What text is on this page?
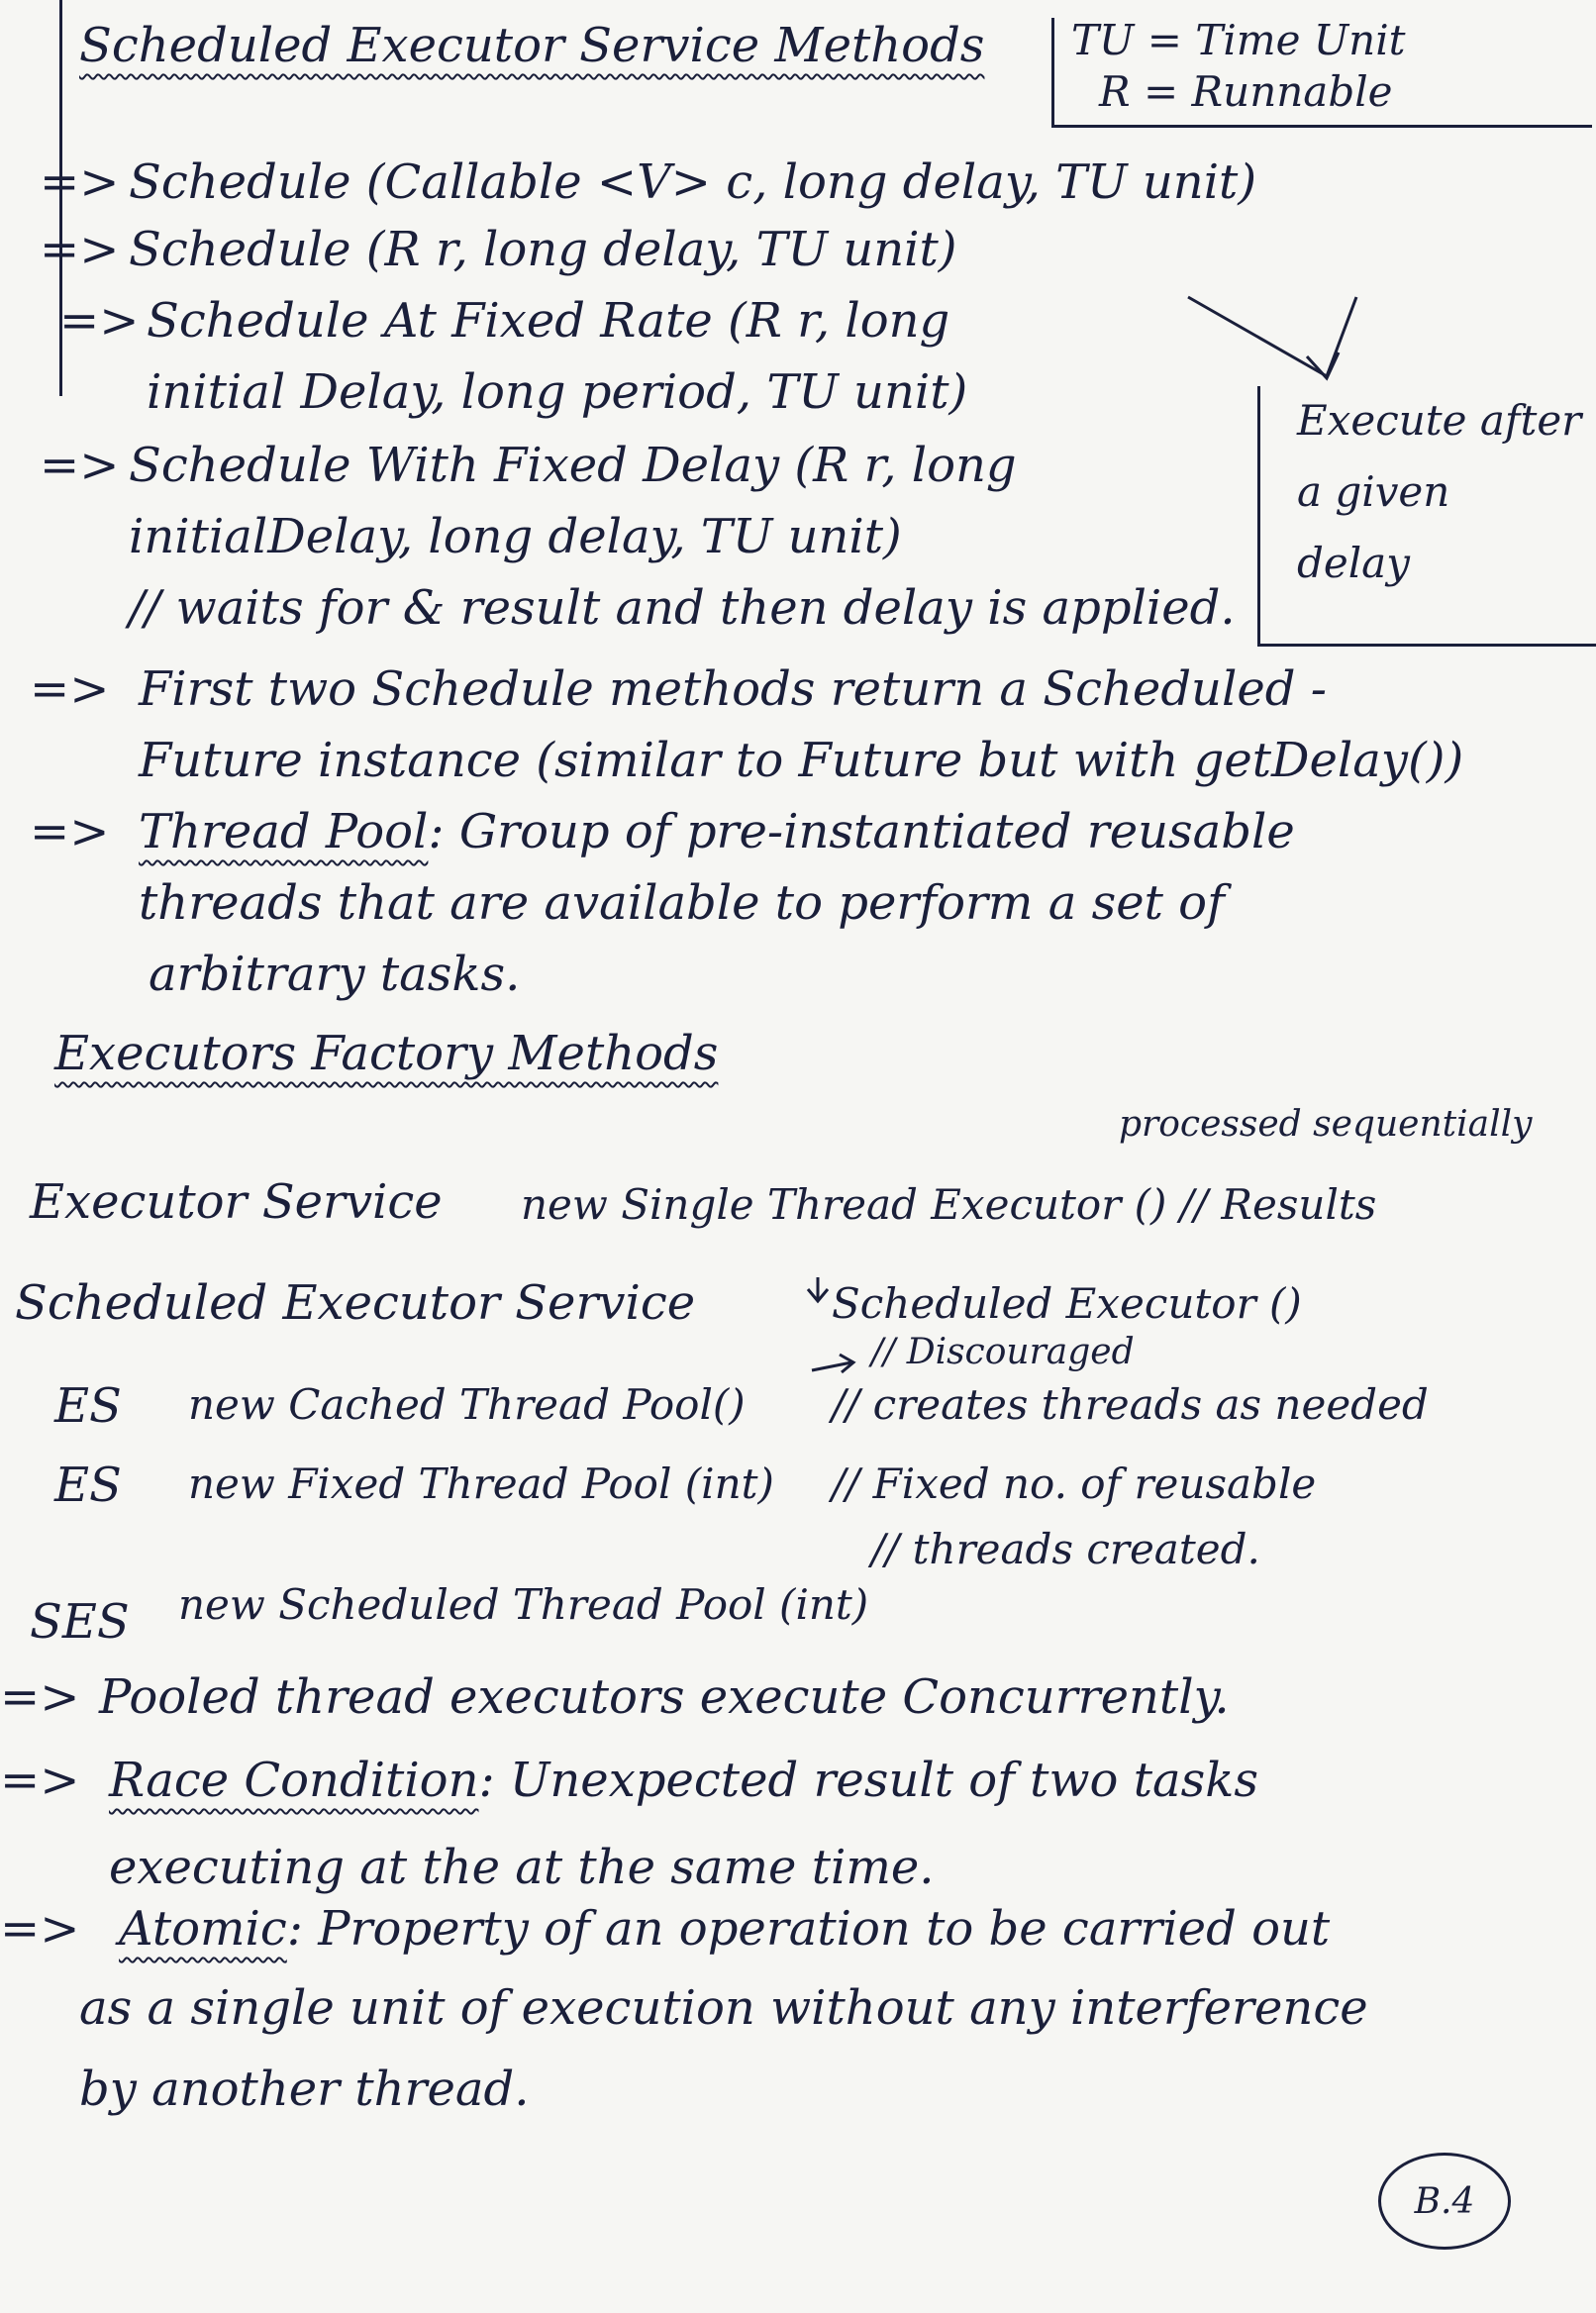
Scheduled Executor Service Methods TU = Time Unit
R = Runnable
=> Schedule (Callable <V> c, long delay, TU unit)
=> Schedule (R r, long delay, TU unit)
=> Schedule At Fixed Rate (R r, long
initial Delay, long period, TU unit)
=> Schedule With Fixed Delay (R r, long
initialDelay, long delay, TU unit)
// waits for & result and then delay is applied.
Execute after
a given
delay
=> First two Schedule methods return a Scheduled -
Future instance (similar to Future but with getDelay())
=> Thread Pool: Group of pre-instantiated reusable
threads that are available to perform a set of
arbitrary tasks.
Executors Factory Methods
processed sequentially
Executor Service new Single Thread Executor () // Results
Scheduled Executor Service	Scheduled Executor ()
// Discouraged
ES new Cached Thread Pool() // creates threads as needed
ES new Fixed Thread Pool (int) // Fixed no. of reusable
// threads created.
SES new Scheduled Thread Pool (int)
=> Pooled thread executors execute Concurrently.
=> Race Condition: Unexpected result of two tasks
executing at the at the same time.
=> Atomic: Property of an operation to be carried out
as a single unit of execution without any interference
by another thread.
B.4
